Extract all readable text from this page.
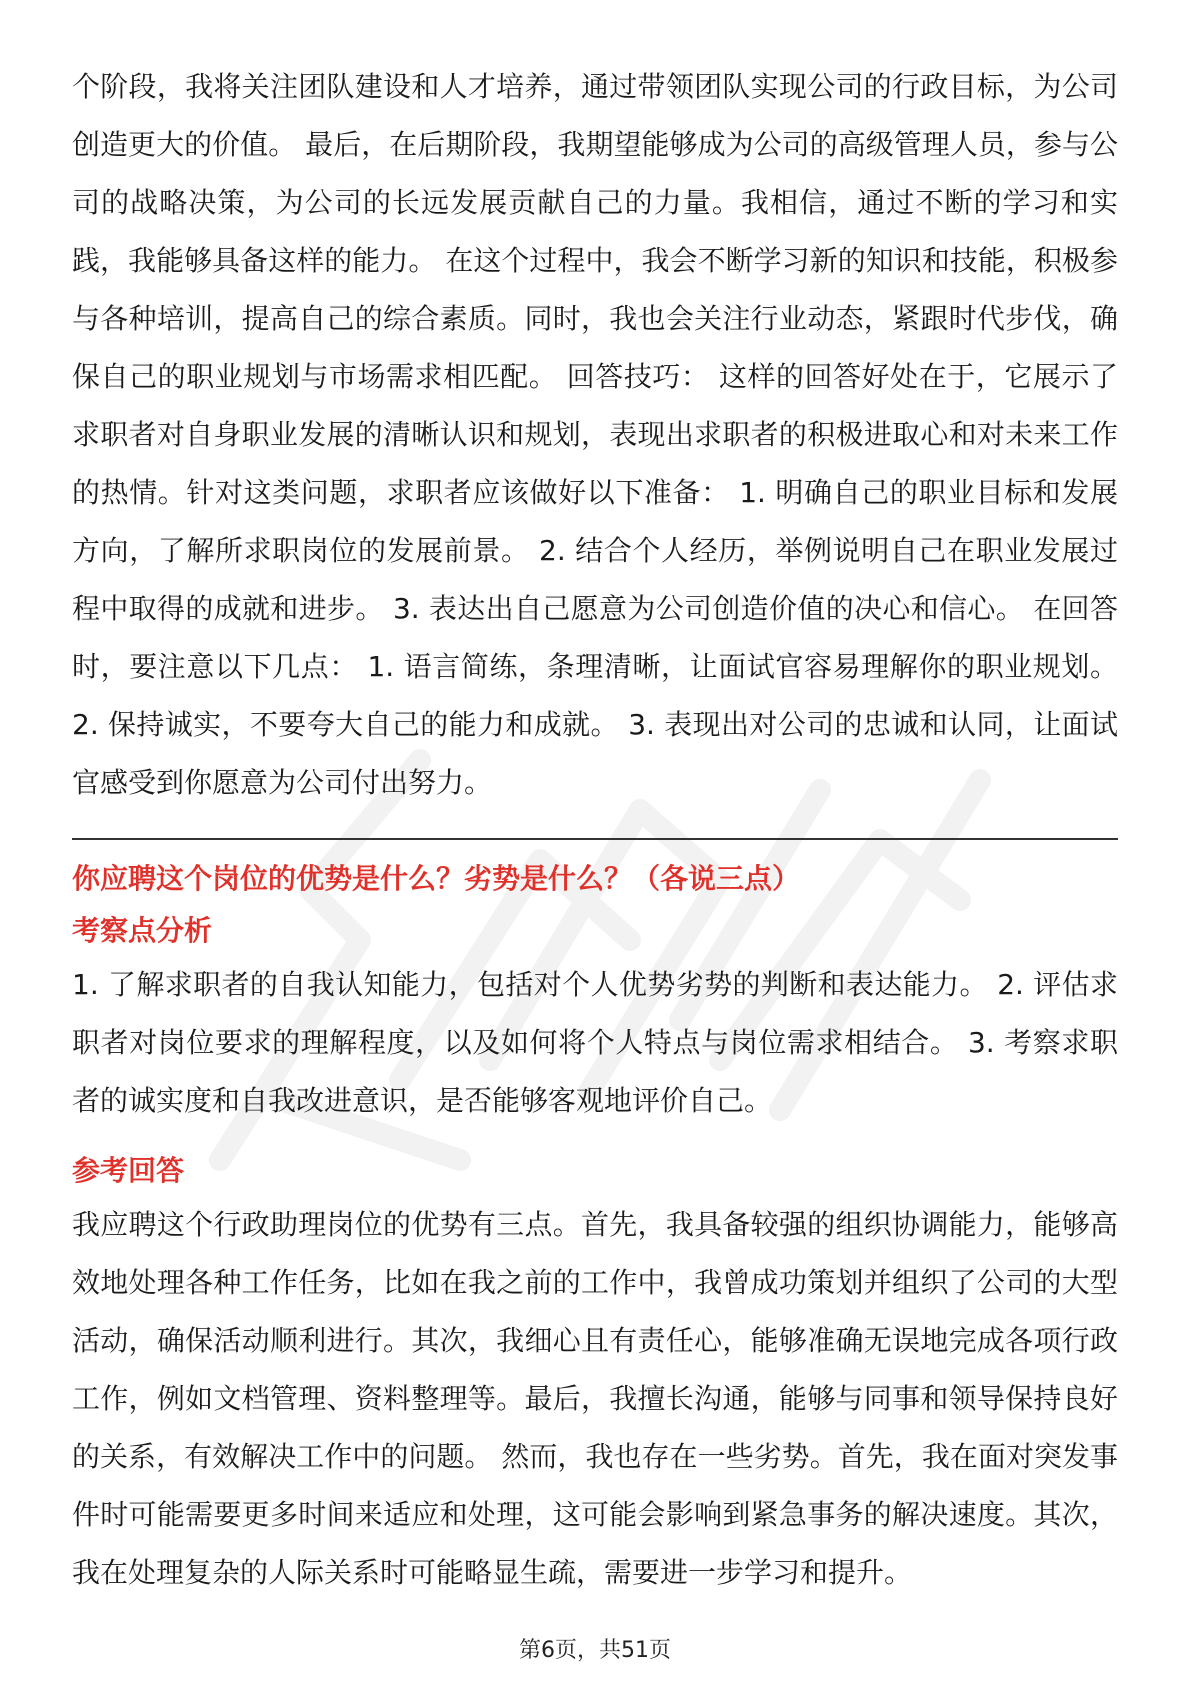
个阶段，我将关注团队建设和人才培养，通过带领团队实现公司的行政目标，为公司创造更大的价值。 最后，在后期阶段，我期望能够成为公司的高级管理人员，参与公司的战略决策，为公司的长远发展贡献自己的力量。我相信，通过不断的学习和实践，我能够具备这样的能力。 在这个过程中，我会不断学习新的知识和技能，积极参与各种培训，提高自己的综合素质。同时，我也会关注行业动态，紧跟时代步伐，确保自己的职业规划与市场需求相匹配。 回答技巧： 这样的回答好处在于，它展示了求职者对自身职业发展的清晰认识和规划，表现出求职者的积极进取心和对未来工作的热情。针对这类问题，求职者应该做好以下准备： 1. 明确自己的职业目标和发展方向，了解所求职岗位的发展前景。 2. 结合个人经历，举例说明自己在职业发展过程中取得的成就和进步。 3. 表达出自己愿意为公司创造价值的决心和信心。 在回答时，要注意以下几点： 1. 语言简练，条理清晰，让面试官容易理解你的职业规划。 2. 保持诚实，不要夸大自己的能力和成就。 3. 表现出对公司的忠诚和认同，让面试官感受到你愿意为公司付出努力。

你应聘这个岗位的优势是什么？劣势是什么？（各说三点）

考察点分析

1. 了解求职者的自我认知能力，包括对个人优势劣势的判断和表达能力。 2. 评估求职者对岗位要求的理解程度，以及如何将个人特点与岗位需求相结合。 3. 考察求职者的诚实度和自我改进意识，是否能够客观地评价自己。

参考回答

我应聘这个行政助理岗位的优势有三点。首先，我具备较强的组织协调能力，能够高效地处理各种工作任务，比如在我之前的工作中，我曾成功策划并组织了公司的大型活动，确保活动顺利进行。其次，我细心且有责任心，能够准确无误地完成各项行政工作，例如文档管理、资料整理等。最后，我擅长沟通，能够与同事和领导保持良好的关系，有效解决工作中的问题。 然而，我也存在一些劣势。首先，我在面对突发事件时可能需要更多时间来适应和处理，这可能会影响到紧急事务的解决速度。其次，我在处理复杂的人际关系时可能略显生疏，需要进一步学习和提升。

第6页，共51页
